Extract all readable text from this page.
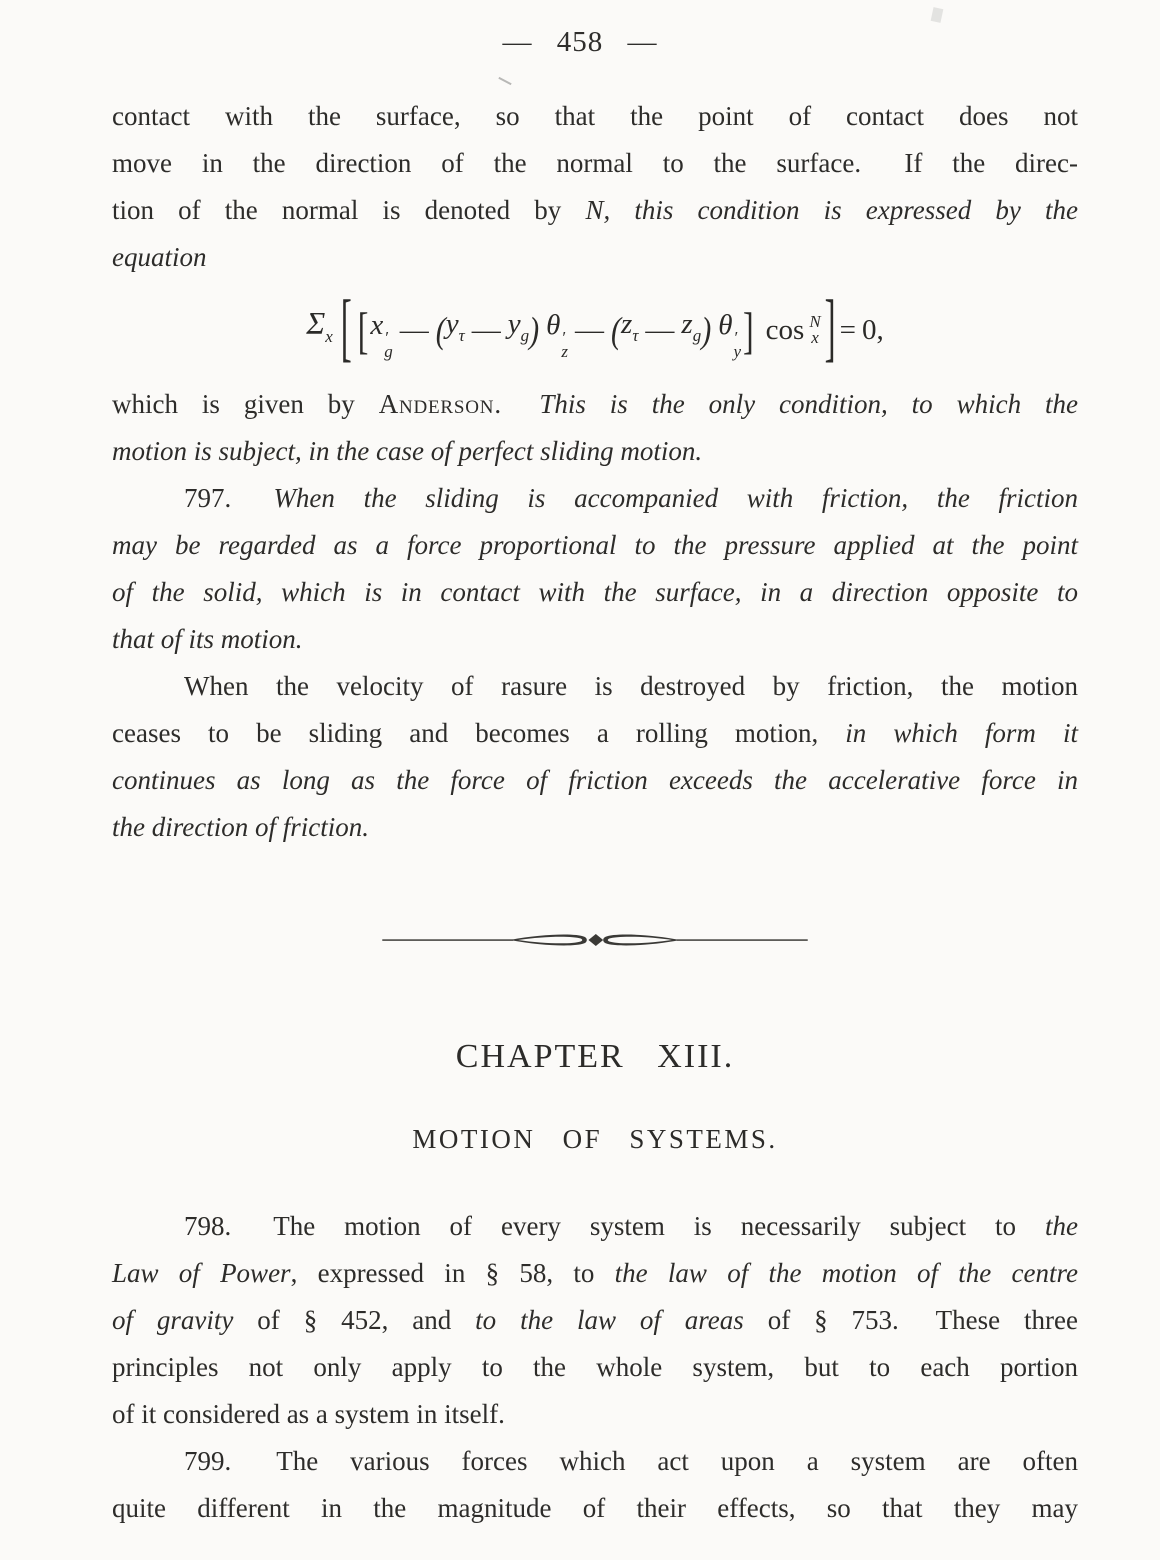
— 458 —
contact with the surface, so that the point of contact does not
move in the direction of the normal to the surface.  If the direc-
tion of the normal is denoted by N, this condition is expressed by the
equation
$\Sigma_x$ [ [ x ′
g
— ( $y_\tau$ — $y_g$ ) θ ′
z
— ( $z_\tau$ — $z_g$ ) θ ′
y ] cos N
x ] = 0,
which is given by Anderson.  This is the only condition, to which the
motion is subject, in the case of perfect sliding motion.
797.  When the sliding is accompanied with friction, the friction
may be regarded as a force proportional to the pressure applied at the point
of the solid, which is in contact with the surface, in a direction opposite to
that of its motion.
When the velocity of rasure is destroyed by friction, the motion
ceases to be sliding and becomes a rolling motion, in which form it
continues as long as the force of friction exceeds the accelerative force in
the direction of friction.
CHAPTER XIII.
MOTION OF SYSTEMS.
798.  The motion of every system is necessarily subject to the
Law of Power, expressed in § 58, to the law of the motion of the centre
of gravity of § 452, and to the law of areas of § 753.  These three
principles not only apply to the whole system, but to each portion
of it considered as a system in itself.
799.  The various forces which act upon a system are often
quite different in the magnitude of their effects, so that they may
